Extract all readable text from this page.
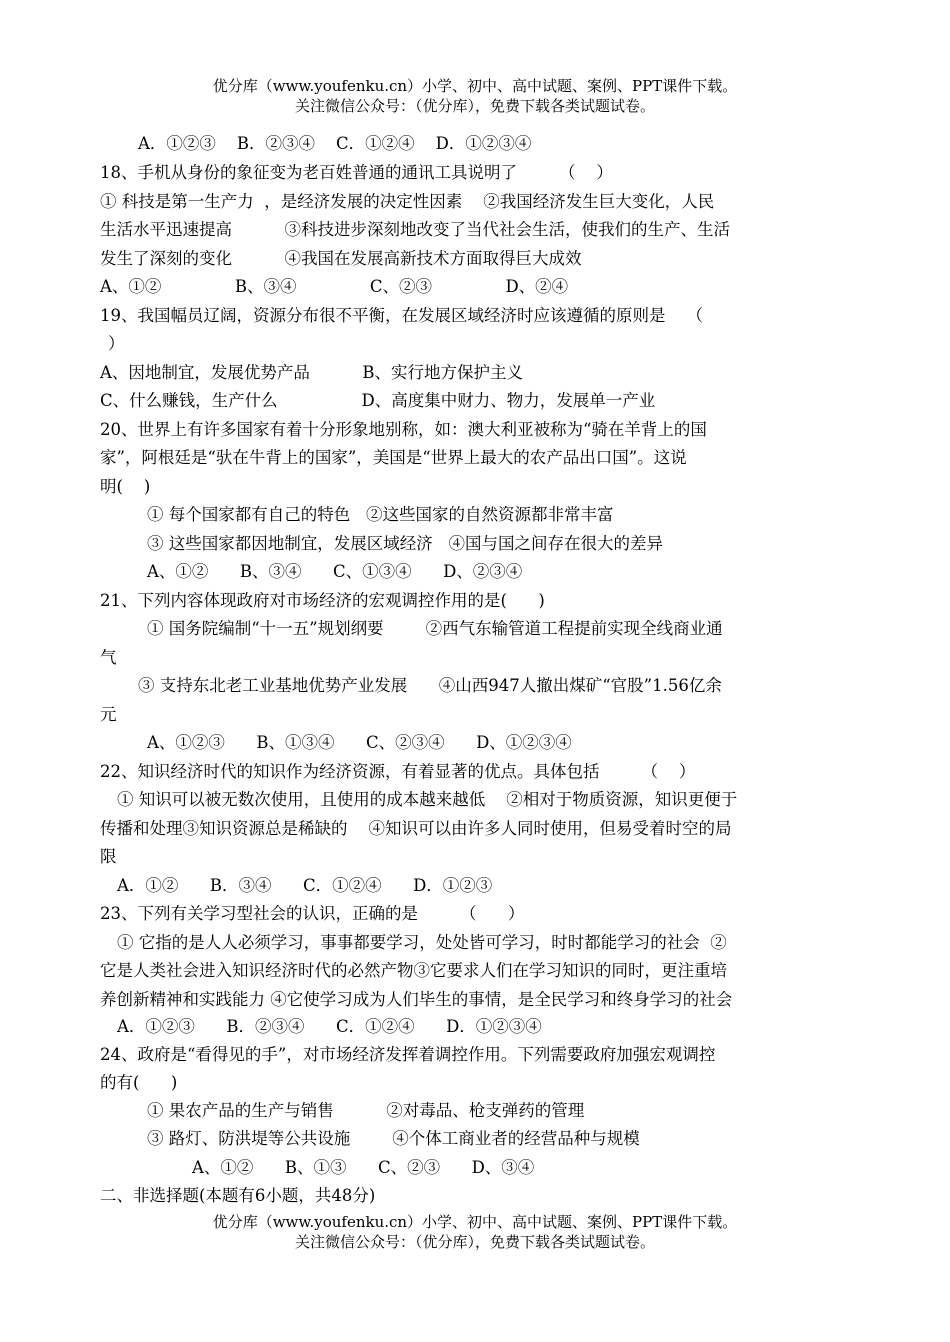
优分库（www.youfenku.cn）小学、初中、高中试题、案例、PPT课件下载。
关注微信公众号：（优分库），免费下载各类试题试卷。
A．①②③    B．②③④    C．①②④    D．①②③④
18、手机从身份的象征变为老百姓普通的通讯工具说明了        （    ）
① 科技是第一生产力  ，是经济发展的决定性因素    ②我国经济发生巨大变化，人民
生活水平迅速提高          ③科技进步深刻地改变了当代社会生活，使我们的生产、生活
发生了深刻的变化          ④我国在发展高新技术方面取得巨大成效
A、①②              B、③④              C、②③              D、②④
19、我国幅员辽阔，资源分布很不平衡，在发展区域经济时应该遵循的原则是    （
）
A、因地制宜，发展优势产品          B、实行地方保护主义
C、什么赚钱，生产什么                D、高度集中财力、物力，发展单一产业
20、世界上有许多国家有着十分形象地别称，如：澳大利亚被称为“骑在羊背上的国
家”，阿根廷是“驮在牛背上的国家”，美国是“世界上最大的农产品出口国”。这说
明(    )
① 每个国家都有自己的特色   ②这些国家的自然资源都非常丰富
③ 这些国家都因地制宜，发展区域经济   ④国与国之间存在很大的差异
A、①②      B、③④      C、①③④      D、②③④
21、下列内容体现政府对市场经济的宏观调控作用的是(      )
① 国务院编制“十一五”规划纲要        ②西气东输管道工程提前实现全线商业通
气
③ 支持东北老工业基地优势产业发展      ④山西947人撤出煤矿“官股”1.56亿余
元
A、①②③      B、①③④      C、②③④      D、①②③④
22、知识经济时代的知识作为经济资源，有着显著的优点。具体包括        （    ）
① 知识可以被无数次使用，且使用的成本越来越低    ②相对于物质资源，知识更便于
传播和处理③知识资源总是稀缺的    ④知识可以由许多人同时使用，但易受着时空的局
限
A．①②      B．③④      C．①②④      D．①②③
23、下列有关学习型社会的认识，正确的是        （      ）
① 它指的是人人必须学习，事事都要学习，处处皆可学习，时时都能学习的社会  ②
它是人类社会进入知识经济时代的必然产物③它要求人们在学习知识的同时，更注重培
养创新精神和实践能力 ④它使学习成为人们毕生的事情，是全民学习和终身学习的社会
A．①②③      B．②③④      C．①②④      D．①②③④
24、政府是“看得见的手”，对市场经济发挥着调控作用。下列需要政府加强宏观调控
的有(      )
① 果农产品的生产与销售          ②对毒品、枪支弹药的管理
③ 路灯、防洪堤等公共设施        ④个体工商业者的经营品种与规模
A、①②      B、①③      C、②③      D、③④
二、非选择题(本题有6小题，共48分)
优分库（www.youfenku.cn）小学、初中、高中试题、案例、PPT课件下载。
关注微信公众号：（优分库），免费下载各类试题试卷。
